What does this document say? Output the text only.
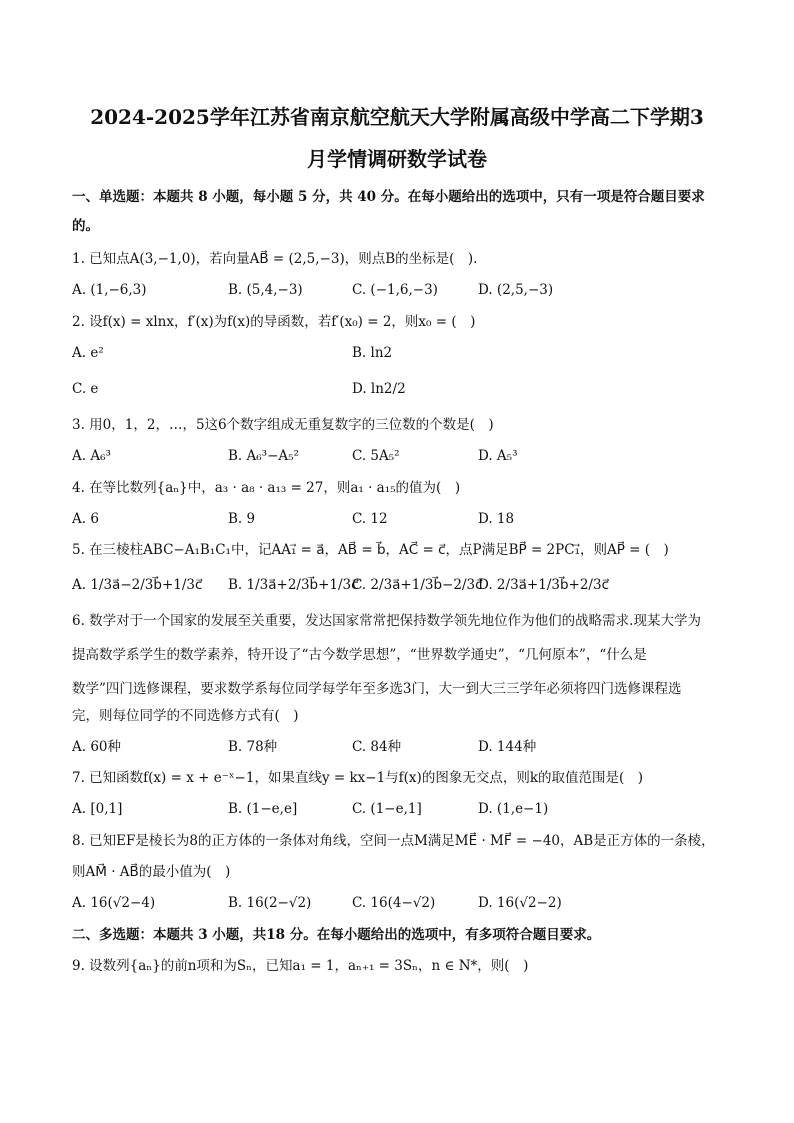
2024-2025学年江苏省南京航空航天大学附属高级中学高二下学期3
月学情调研数学试卷
一、单选题：本题共 8 小题，每小题 5 分，共 40 分。在每小题给出的选项中，只有一项是符合题目要求
的。
1. 已知点A(3,−1,0)，若向量AB⃗ = (2,5,−3)，则点B的坐标是(　).
A. (1,−6,3)	B. (5,4,−3)	C. (−1,6,−3)	D. (2,5,−3)
2. 设f(x) = xlnx，f′(x)为f(x)的导函数，若f′(x₀) = 2，则x₀ = (　)
A. e²	B. ln2
C. e	D. ln2/2
3. 用0，1，2，…，5这6个数字组成无重复数字的三位数的个数是(　)
A. A₆³	B. A₆³−A₅²	C. 5A₅²	D. A₅³
4. 在等比数列{aₙ}中，a₃ · a₈ · a₁₃ = 27，则a₁ · a₁₅的值为(　)
A. 6	B. 9	C. 12	D. 18
5. 在三棱柱ABC−A₁B₁C₁中，记AA₁⃗ = a⃗，AB⃗ = b⃗，AC⃗ = c⃗，点P满足BP⃗ = 2PC₁⃗，则AP⃗ = (　)
A. 1/3a⃗−2/3b⃗+1/3c⃗ B. 1/3a⃗+2/3b⃗+1/3c⃗
C. 2/3a⃗+1/3b⃗−2/3c⃗
D. 2/3a⃗+1/3b⃗+2/3c⃗
6. 数学对于一个国家的发展至关重要，发达国家常常把保持数学领先地位作为他们的战略需求.现某大学为
提高数学系学生的数学素养，特开设了“古今数学思想”，“世界数学通史”，“几何原本”，“什么是
数学”四门选修课程，要求数学系每位同学每学年至多选3门，大一到大三三学年必须将四门选修课程选
完，则每位同学的不同选修方式有(　)
A. 60种	B. 78种	C. 84种	D. 144种
7. 已知函数f(x) = x + e⁻ˣ−1，如果直线y = kx−1与f(x)的图象无交点，则k的取值范围是(　)
A. [0,1]	B. (1−e,e]	C. (1−e,1]	D. (1,e−1)
8. 已知EF是棱长为8的正方体的一条体对角线，空间一点M满足ME⃗ · MF⃗ = −40，AB是正方体的一条棱，
则AM⃗ · AB⃗的最小值为(　)
A. 16(√2−4)	B. 16(2−√2)	C. 16(4−√2)	D. 16(√2−2)
二、多选题：本题共 3 小题，共18 分。在每小题给出的选项中，有多项符合题目要求。
9. 设数列{aₙ}的前n项和为Sₙ，已知a₁ = 1，aₙ₊₁ = 3Sₙ，n ∈ N*，则(　)
